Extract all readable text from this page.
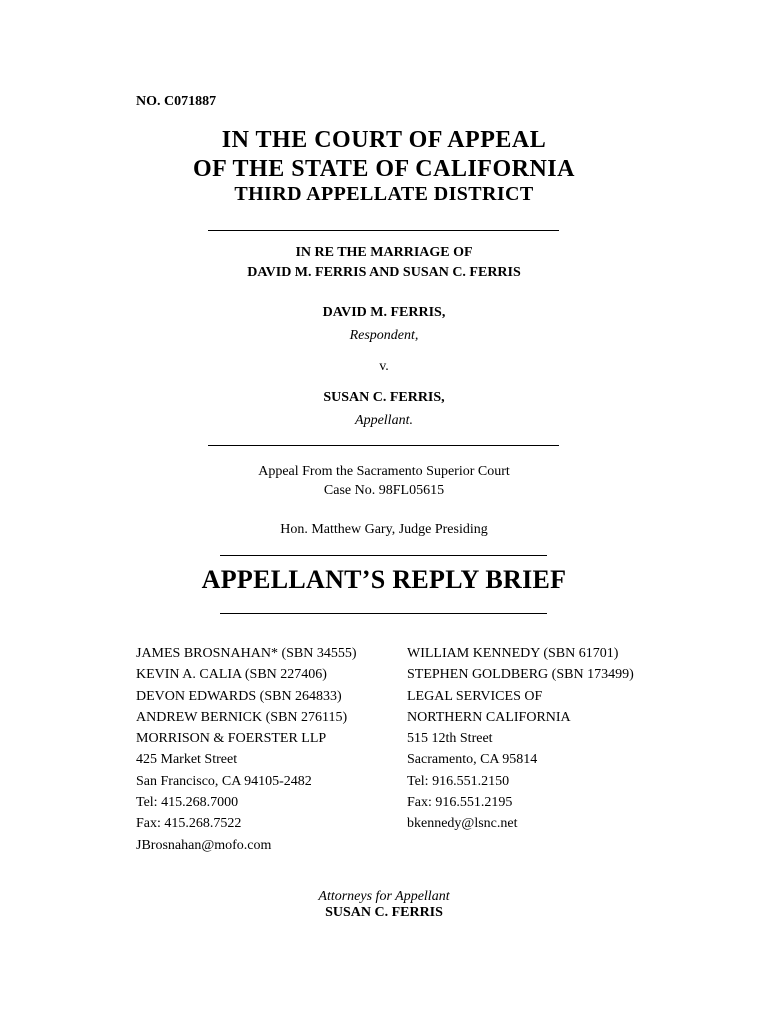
NO. C071887
IN THE COURT OF APPEAL
OF THE STATE OF CALIFORNIA
THIRD APPELLATE DISTRICT
IN RE THE MARRIAGE OF
DAVID M. FERRIS AND SUSAN C. FERRIS
DAVID M. FERRIS,
Respondent,
v.
SUSAN C. FERRIS,
Appellant.
Appeal From the Sacramento Superior Court
Case No. 98FL05615
Hon. Matthew Gary, Judge Presiding
APPELLANT’S REPLY BRIEF
JAMES BROSNAHAN* (SBN 34555)
KEVIN A. CALIA (SBN 227406)
DEVON EDWARDS (SBN 264833)
ANDREW BERNICK (SBN 276115)
MORRISON & FOERSTER LLP
425 Market Street
San Francisco, CA 94105-2482
Tel: 415.268.7000
Fax: 415.268.7522
JBrosnahan@mofo.com
WILLIAM KENNEDY (SBN 61701)
STEPHEN GOLDBERG (SBN 173499)
LEGAL SERVICES OF
NORTHERN CALIFORNIA
515 12th Street
Sacramento, CA 95814
Tel: 916.551.2150
Fax: 916.551.2195
bkennedy@lsnc.net
Attorneys for Appellant
SUSAN C. FERRIS
